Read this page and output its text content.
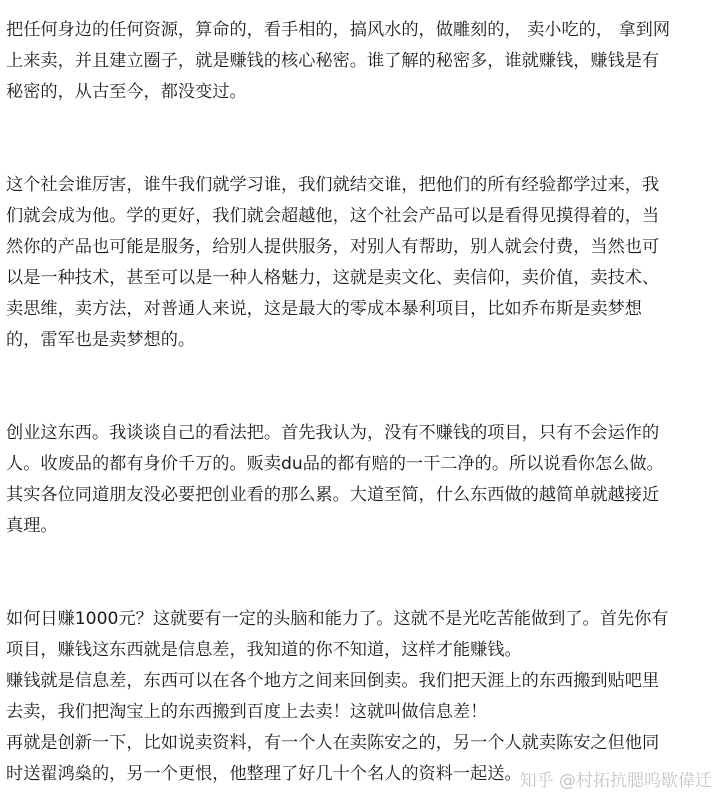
把任何身边的任何资源，算命的，看手相的，搞风水的，做雕刻的， 卖小吃的， 拿到网
上来卖，并且建立圈子，就是赚钱的核心秘密。谁了解的秘密多，谁就赚钱，赚钱是有
秘密的，从古至今，都没变过。
这个社会谁厉害，谁牛我们就学习谁，我们就结交谁，把他们的所有经验都学过来，我
们就会成为他。学的更好，我们就会超越他，这个社会产品可以是看得见摸得着的，当
然你的产品也可能是服务，给别人提供服务，对别人有帮助，别人就会付费，当然也可
以是一种技术，甚至可以是一种人格魅力，这就是卖文化、卖信仰，卖价值，卖技术、
卖思维，卖方法，对普通人来说，这是最大的零成本暴利项目，比如乔布斯是卖梦想
的，雷军也是卖梦想的。
创业这东西。我谈谈自己的看法把。首先我认为，没有不赚钱的项目，只有不会运作的
人。收废品的都有身价千万的。贩卖du品的都有赔的一干二净的。所以说看你怎么做。
其实各位同道朋友没必要把创业看的那么累。大道至简，什么东西做的越简单就越接近
真理。
如何日赚1000元？这就要有一定的头脑和能力了。这就不是光吃苦能做到了。首先你有
项目，赚钱这东西就是信息差，我知道的你不知道，这样才能赚钱。
赚钱就是信息差，东西可以在各个地方之间来回倒卖。我们把天涯上的东西搬到贴吧里
去卖，我们把淘宝上的东西搬到百度上去卖！这就叫做信息差！
再就是创新一下，比如说卖资料，有一个人在卖陈安之的，另一个人就卖陈安之但他同
时送翟鸿燊的，另一个更恨，他整理了好几十个名人的资料一起送。
知乎 @村拓抗腮呜歇偉迁
